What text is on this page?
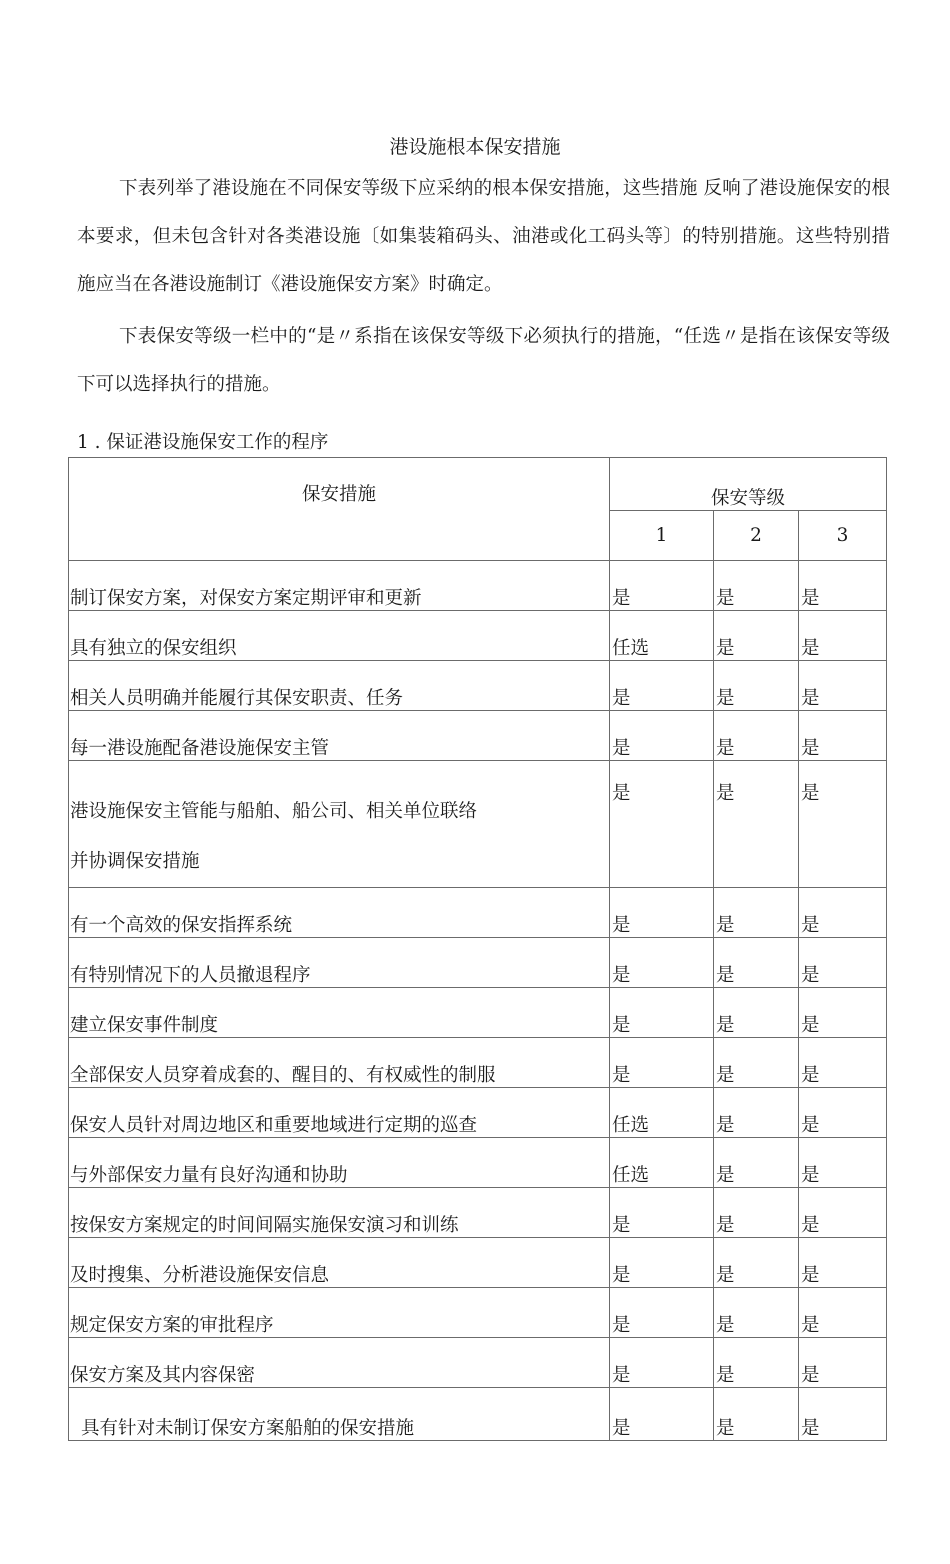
港设施根本保安措施
下表列举了港设施在不同保安等级下应采纳的根本保安措施，这些措施 反响了港设施保安的根本要求，但未包含针对各类港设施〔如集装箱码头、油港或化工码头等〕的特别措施。这些特别措施应当在各港设施制订《港设施保安方案》时确定。
下表保安等级一栏中的“是〃系指在该保安等级下必须执行的措施，“任选〃是指在该保安等级下可以选择执行的措施。
1 . 保证港设施保安工作的程序
保安措施	保安等级		
	1	2	3
制订保安方案，对保安方案定期评审和更新	是	是	是
具有独立的保安组织	任选	是	是
相关人员明确并能履行其保安职责、任务	是	是	是
每一港设施配备港设施保安主管	是	是	是
港设施保安主管能与船舶、船公司、相关单位联络
并协调保安措施	是	是	是
有一个高效的保安指挥系统	是	是	是
有特别情况下的人员撤退程序	是	是	是
建立保安事件制度	是	是	是
全部保安人员穿着成套的、醒目的、有权威性的制服	是	是	是
保安人员针对周边地区和重要地域进行定期的巡查	任选	是	是
与外部保安力量有良好沟通和协助	任选	是	是
按保安方案规定的时间间隔实施保安演习和训练	是	是	是
及时搜集、分析港设施保安信息	是	是	是
规定保安方案的审批程序	是	是	是
保安方案及其内容保密	是	是	是
具有针对未制订保安方案船舶的保安措施	是	是	是
